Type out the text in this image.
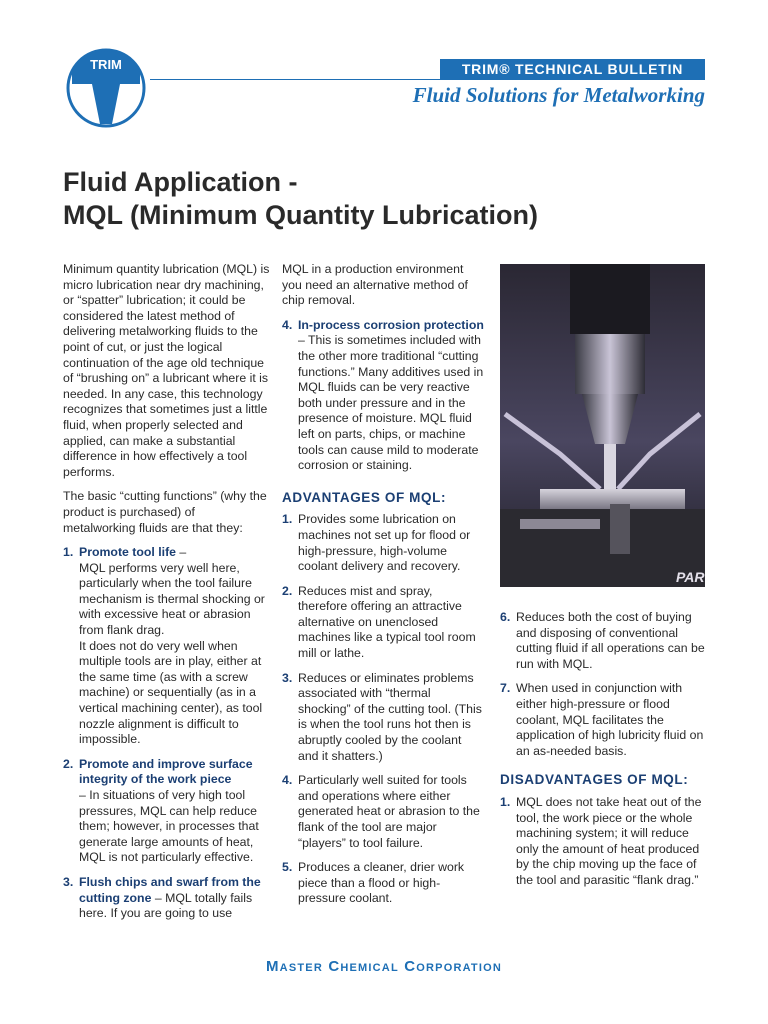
TRIM	TRIM® TECHNICAL BULLETIN
Fluid Solutions for Metalworking
Fluid Application -
MQL (Minimum Quantity Lubrication)

Minimum quantity lubrication (MQL) is micro lubrication near dry machining, or “spatter” lubrication; it could be considered the latest method of delivering metalworking fluids to the point of cut, or just the logical continuation of the age old technique of “brushing on” a lubricant where it is needed. In any case, this technology recognizes that sometimes just a little fluid, when properly selected and applied, can make a substantial difference in how effectively a tool performs.

The basic “cutting functions” (why the product is purchased) of metalworking fluids are that they:

1. Promote tool life –
MQL performs very well here, particularly when the tool failure mechanism is thermal shocking or with excessive heat or abrasion from flank drag.
It does not do very well when multiple tools are in play, either at the same time (as with a screw machine) or sequentially (as in a vertical machining center), as tool nozzle alignment is difficult to impossible.
2. Promote and improve surface integrity of the work piece
– In situations of very high tool pressures, MQL can help reduce them; however, in processes that generate large amounts of heat, MQL is not particularly effective.
3. Flush chips and swarf from the cutting zone – MQL totally fails here. If you are going to use

MQL in a production environment you need an alternative method of chip removal.

4. In-process corrosion protection – This is sometimes included with the other more traditional “cutting functions.” Many additives used in MQL fluids can be very reactive both under pressure and in the presence of moisture. MQL fluid left on parts, chips, or machine tools can cause mild to moderate corrosion or staining.
ADVANTAGES OF MQL:
1. Provides some lubrication on machines not set up for flood or high-pressure, high-volume coolant delivery and recovery.
2. Reduces mist and spray, therefore offering an attractive alternative on unenclosed machines like a typical tool room mill or lathe.
3. Reduces or eliminates problems associated with “thermal shocking” of the cutting tool. (This is when the tool runs hot then is abruptly cooled by the coolant and it shatters.)
4. Particularly well suited for tools and operations where either generated heat or abrasion to the flank of the tool are major “players” to tool failure.
5. Produces a cleaner, drier work piece than a flood or high-pressure coolant.
PAR
6. Reduces both the cost of buying and disposing of conventional cutting fluid if all operations can be run with MQL.
7. When used in conjunction with either high-pressure or flood coolant, MQL facilitates the application of high lubricity fluid on an as-needed basis.
DISADVANTAGES OF MQL:
1. MQL does not take heat out of the tool, the work piece or the whole machining system; it will reduce only the amount of heat produced by the chip moving up the face of the tool and parasitic “flank drag.”
Master Chemical Corporation
